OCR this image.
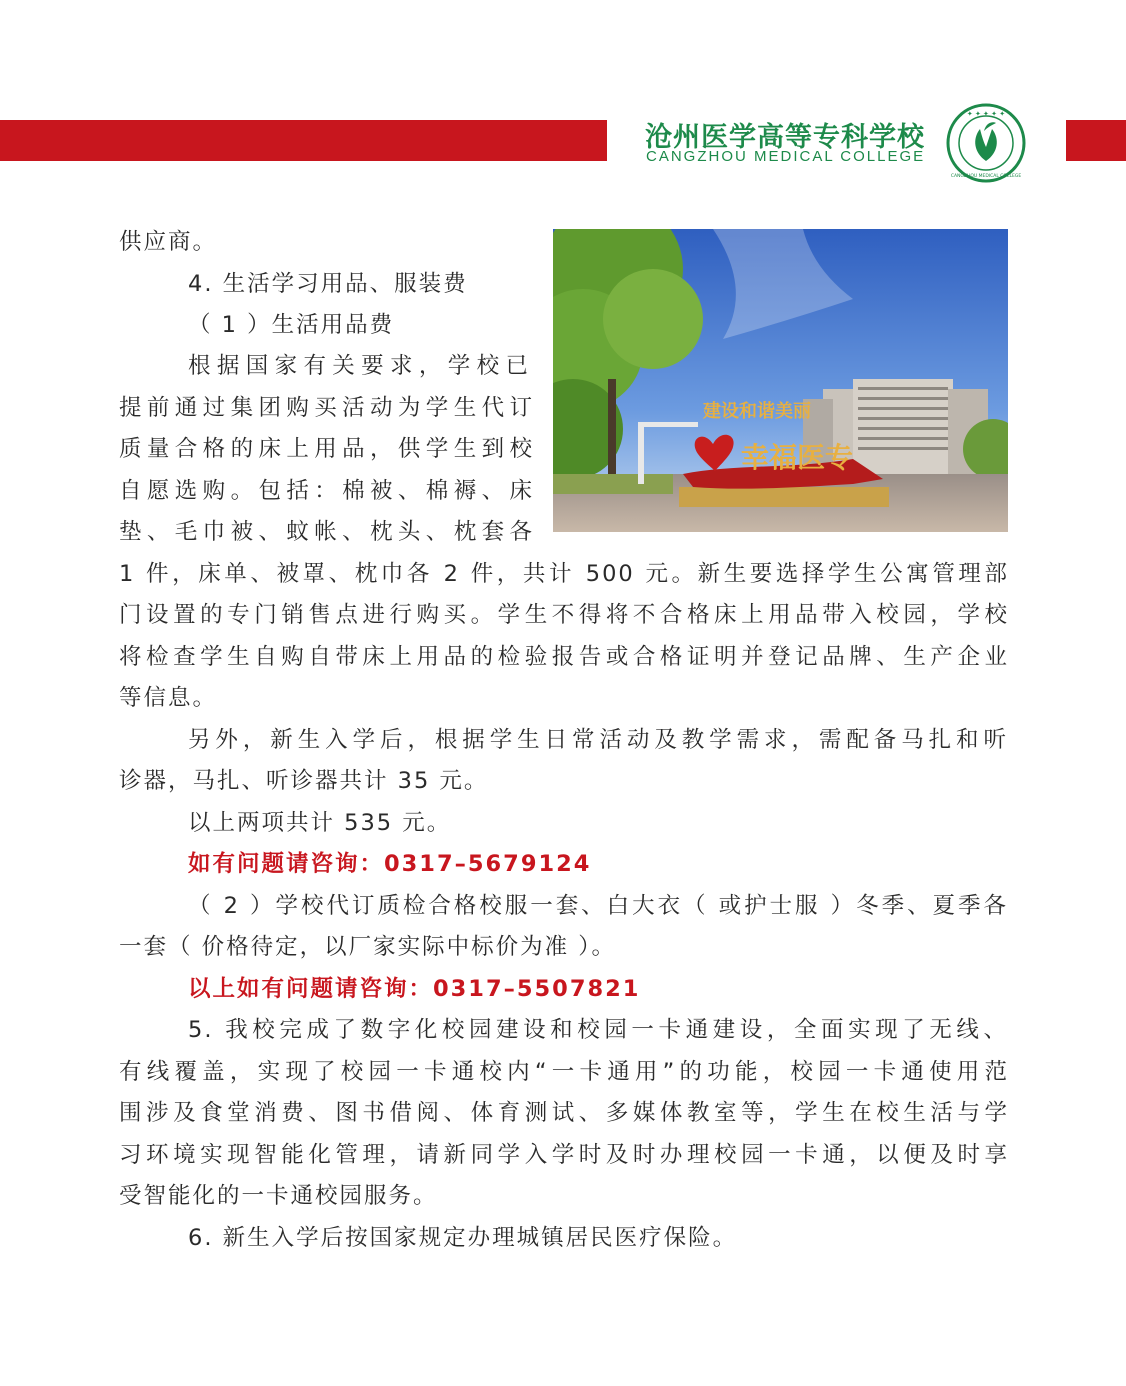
沧州医学高等专科学校
CANGZHOU MEDICAL COLLEGE
✦ ✦ ✦ ✦ ✦
CANGZHOU MEDICAL COLLEGE
建设和谐美丽
幸福医专
供应商。
4. 生活学习用品、服装费
（ 1 ）生活用品费
根据国家有关要求，学校已
提前通过集团购买活动为学生代订
质量合格的床上用品，供学生到校
自愿选购。包括：棉被、棉褥、床
垫、毛巾被、蚊帐、枕头、枕套各
1 件，床单、被罩、枕巾各 2 件，共计 500 元。新生要选择学生公寓管理部
门设置的专门销售点进行购买。学生不得将不合格床上用品带入校园，学校
将检查学生自购自带床上用品的检验报告或合格证明并登记品牌、生产企业
等信息。
另外，新生入学后，根据学生日常活动及教学需求，需配备马扎和听
诊器，马扎、听诊器共计 35 元。
以上两项共计 535 元。
如有问题请咨询：0317–5679124
（ 2 ）学校代订质检合格校服一套、白大衣（ 或护士服 ）冬季、夏季各
一套（ 价格待定，以厂家实际中标价为准 ）。
以上如有问题请咨询：0317–5507821
5. 我校完成了数字化校园建设和校园一卡通建设，全面实现了无线、
有线覆盖，实现了校园一卡通校内“一卡通用”的功能，校园一卡通使用范
围涉及食堂消费、图书借阅、体育测试、多媒体教室等，学生在校生活与学
习环境实现智能化管理，请新同学入学时及时办理校园一卡通，以便及时享
受智能化的一卡通校园服务。
6. 新生入学后按国家规定办理城镇居民医疗保险。
